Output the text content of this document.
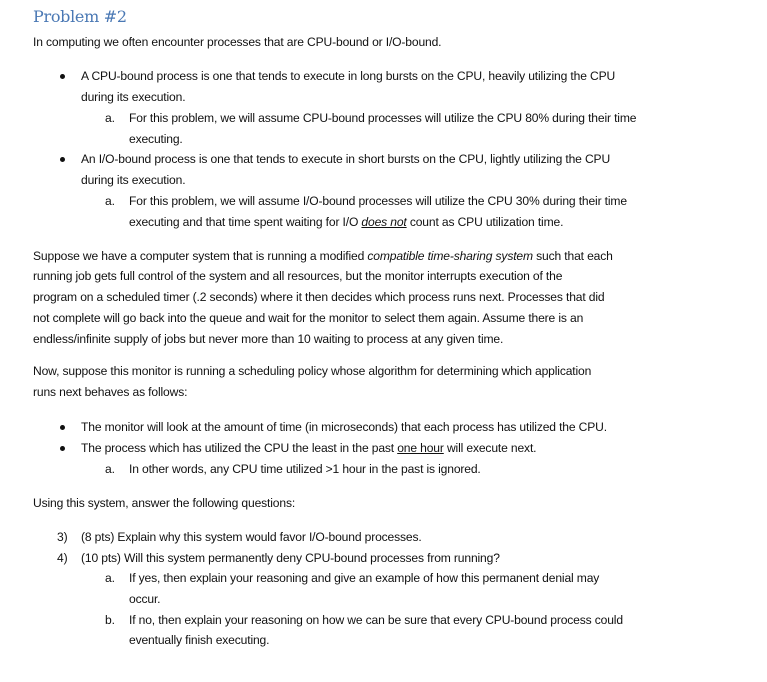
Problem #2
In computing we often encounter processes that are CPU-bound or I/O-bound.
A CPU-bound process is one that tends to execute in long bursts on the CPU, heavily utilizing the CPU
during its execution.
a. For this problem, we will assume CPU-bound processes will utilize the CPU 80% during their time
executing.
An I/O-bound process is one that tends to execute in short bursts on the CPU, lightly utilizing the CPU
during its execution.
a. For this problem, we will assume I/O-bound processes will utilize the CPU 30% during their time
executing and that time spent waiting for I/O does not count as CPU utilization time.
Suppose we have a computer system that is running a modified compatible time-sharing system such that each
running job gets full control of the system and all resources, but the monitor interrupts execution of the
program on a scheduled timer (.2 seconds) where it then decides which process runs next. Processes that did
not complete will go back into the queue and wait for the monitor to select them again. Assume there is an
endless/infinite supply of jobs but never more than 10 waiting to process at any given time.
Now, suppose this monitor is running a scheduling policy whose algorithm for determining which application
runs next behaves as follows:
The monitor will look at the amount of time (in microseconds) that each process has utilized the CPU.
The process which has utilized the CPU the least in the past one hour will execute next.
a. In other words, any CPU time utilized >1 hour in the past is ignored.
Using this system, answer the following questions:
3) (8 pts) Explain why this system would favor I/O-bound processes.
4) (10 pts) Will this system permanently deny CPU-bound processes from running?
a. If yes, then explain your reasoning and give an example of how this permanent denial may
occur.
b. If no, then explain your reasoning on how we can be sure that every CPU-bound process could
eventually finish executing.
